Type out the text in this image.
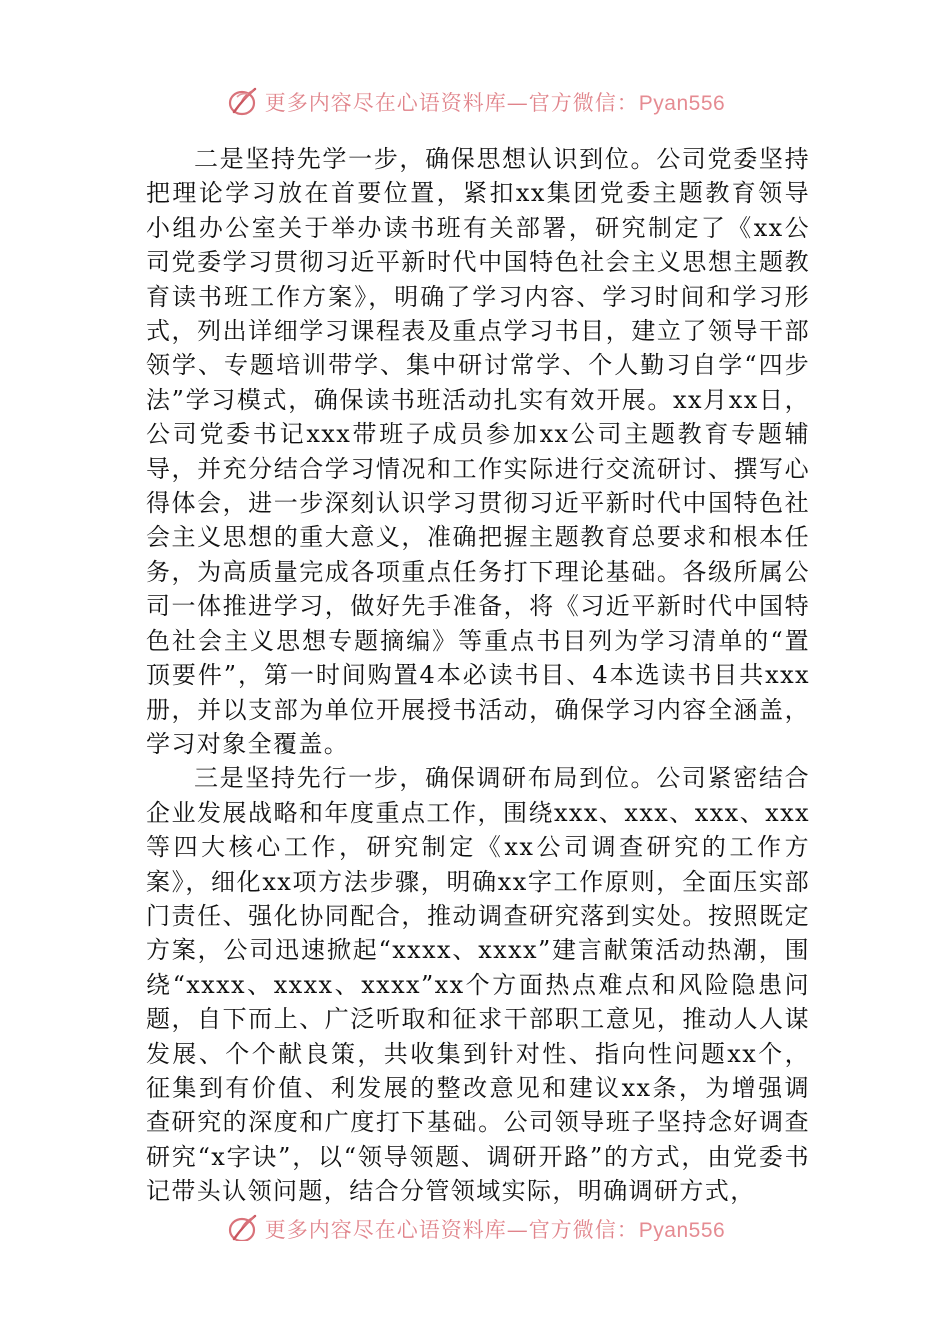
更多内容尽在心语资料库—官方微信：Pyan556

二是坚持先学一步，确保思想认识到位。公司党委坚持把理论学习放在首要位置，紧扣xx集团党委主题教育领导小组办公室关于举办读书班有关部署，研究制定了《xx公司党委学习贯彻习近平新时代中国特色社会主义思想主题教育读书班工作方案》，明确了学习内容、学习时间和学习形式，列出详细学习课程表及重点学习书目，建立了领导干部领学、专题培训带学、集中研讨常学、个人勤习自学“四步法”学习模式，确保读书班活动扎实有效开展。xx月xx日，公司党委书记xxx带班子成员参加xx公司主题教育专题辅导，并充分结合学习情况和工作实际进行交流研讨、撰写心得体会，进一步深刻认识学习贯彻习近平新时代中国特色社会主义思想的重大意义，准确把握主题教育总要求和根本任务，为高质量完成各项重点任务打下理论基础。各级所属公司一体推进学习，做好先手准备，将《习近平新时代中国特色社会主义思想专题摘编》等重点书目列为学习清单的“置顶要件”，第一时间购置4本必读书目、4本选读书目共xxx册，并以支部为单位开展授书活动，确保学习内容全涵盖，学习对象全覆盖。

三是坚持先行一步，确保调研布局到位。公司紧密结合企业发展战略和年度重点工作，围绕xxx、xxx、xxx、xxx等四大核心工作，研究制定《xx公司调查研究的工作方案》，细化xx项方法步骤，明确xx字工作原则，全面压实部门责任、强化协同配合，推动调查研究落到实处。按照既定方案，公司迅速掀起“xxxx、xxxx”建言献策活动热潮，围绕“xxxx、xxxx、xxxx”xx个方面热点难点和风险隐患问题，自下而上、广泛听取和征求干部职工意见，推动人人谋发展、个个献良策，共收集到针对性、指向性问题xx个，征集到有价值、利发展的整改意见和建议xx条，为增强调查研究的深度和广度打下基础。公司领导班子坚持念好调查研究“x字诀”，以“领导领题、调研开路”的方式，由党委书记带头认领问题，结合分管领域实际，明确调研方式，

更多内容尽在心语资料库—官方微信：Pyan556
